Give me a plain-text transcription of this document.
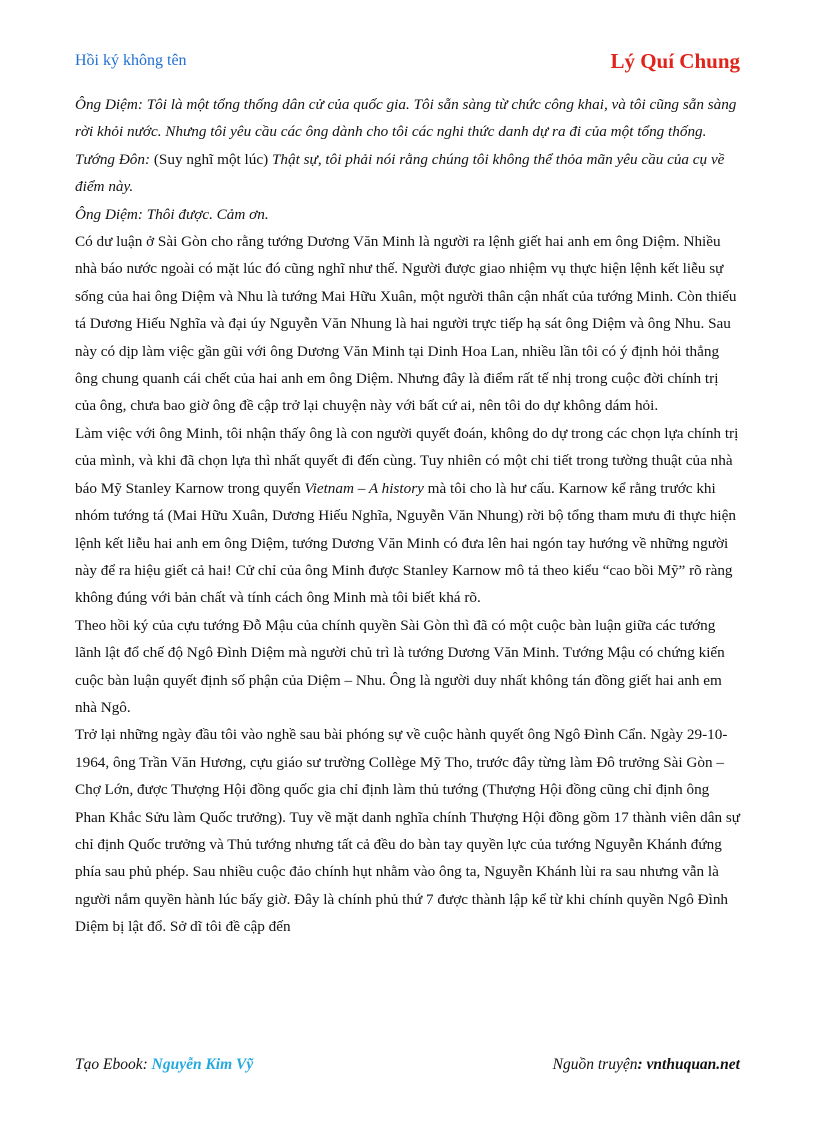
Hồi ký không tên	Lý Quí Chung

Ông Diệm: Tôi là một tổng thống dân cử của quốc gia. Tôi sẵn sàng từ chức công khai, và tôi cũng sẵn sàng rời khỏi nước. Nhưng tôi yêu cầu các ông dành cho tôi các nghi thức danh dự ra đi của một tổng thống.

Tướng Đôn: (Suy nghĩ một lúc) Thật sự, tôi phải nói rằng chúng tôi không thể thỏa mãn yêu cầu của cụ về điểm này.

Ông Diệm: Thôi được. Cảm ơn.

Có dư luận ở Sài Gòn cho rằng tướng Dương Văn Minh là người ra lệnh giết hai anh em ông Diệm. Nhiều nhà báo nước ngoài có mặt lúc đó cũng nghĩ như thế. Người được giao nhiệm vụ thực hiện lệnh kết liễu sự sống của hai ông Diệm và Nhu là tướng Mai Hữu Xuân, một người thân cận nhất của tướng Minh. Còn thiếu tá Dương Hiếu Nghĩa và đại úy Nguyễn Văn Nhung là hai người trực tiếp hạ sát ông Diệm và ông Nhu. Sau này có dịp làm việc gần gũi với ông Dương Văn Minh tại Dinh Hoa Lan, nhiều lần tôi có ý định hỏi thẳng ông chung quanh cái chết của hai anh em ông Diệm. Nhưng đây là điểm rất tế nhị trong cuộc đời chính trị của ông, chưa bao giờ ông đề cập trở lại chuyện này với bất cứ ai, nên tôi do dự không dám hỏi.

Làm việc với ông Minh, tôi nhận thấy ông là con người quyết đoán, không do dự trong các chọn lựa chính trị của mình, và khi đã chọn lựa thì nhất quyết đi đến cùng. Tuy nhiên có một chi tiết trong tường thuật của nhà báo Mỹ Stanley Karnow trong quyển Vietnam – A history mà tôi cho là hư cấu. Karnow kể rằng trước khi nhóm tướng tá (Mai Hữu Xuân, Dương Hiếu Nghĩa, Nguyễn Văn Nhung) rời bộ tổng tham mưu đi thực hiện lệnh kết liễu hai anh em ông Diệm, tướng Dương Văn Minh có đưa lên hai ngón tay hướng về những người này để ra hiệu giết cả hai! Cử chỉ của ông Minh được Stanley Karnow mô tả theo kiểu “cao bồi Mỹ” rõ ràng không đúng với bản chất và tính cách ông Minh mà tôi biết khá rõ.

Theo hồi ký của cựu tướng Đỗ Mậu của chính quyền Sài Gòn thì đã có một cuộc bàn luận giữa các tướng lãnh lật đổ chế độ Ngô Đình Diệm mà người chủ trì là tướng Dương Văn Minh. Tướng Mậu có chứng kiến cuộc bàn luận quyết định số phận của Diệm – Nhu. Ông là người duy nhất không tán đồng giết hai anh em nhà Ngô.

Trở lại những ngày đầu tôi vào nghề sau bài phóng sự về cuộc hành quyết ông Ngô Đình Cẩn. Ngày 29-10-1964, ông Trần Văn Hương, cựu giáo sư trường Collège Mỹ Tho, trước đây từng làm Đô trưởng Sài Gòn – Chợ Lớn, được Thượng Hội đồng quốc gia chỉ định làm thủ tướng (Thượng Hội đồng cũng chỉ định ông Phan Khắc Sửu làm Quốc trưởng). Tuy về mặt danh nghĩa chính Thượng Hội đồng gồm 17 thành viên dân sự chỉ định Quốc trưởng và Thủ tướng nhưng tất cả đều do bàn tay quyền lực của tướng Nguyễn Khánh đứng phía sau phủ phép. Sau nhiều cuộc đảo chính hụt nhằm vào ông ta, Nguyễn Khánh lùi ra sau nhưng vẫn là người nắm quyền hành lúc bấy giờ. Đây là chính phủ thứ 7 được thành lập kể từ khi chính quyền Ngô Đình Diệm bị lật đổ. Sở dĩ tôi đề cập đến

Tạo Ebook: Nguyễn Kim Vỹ	Nguồn truyện: vnthuquan.net
